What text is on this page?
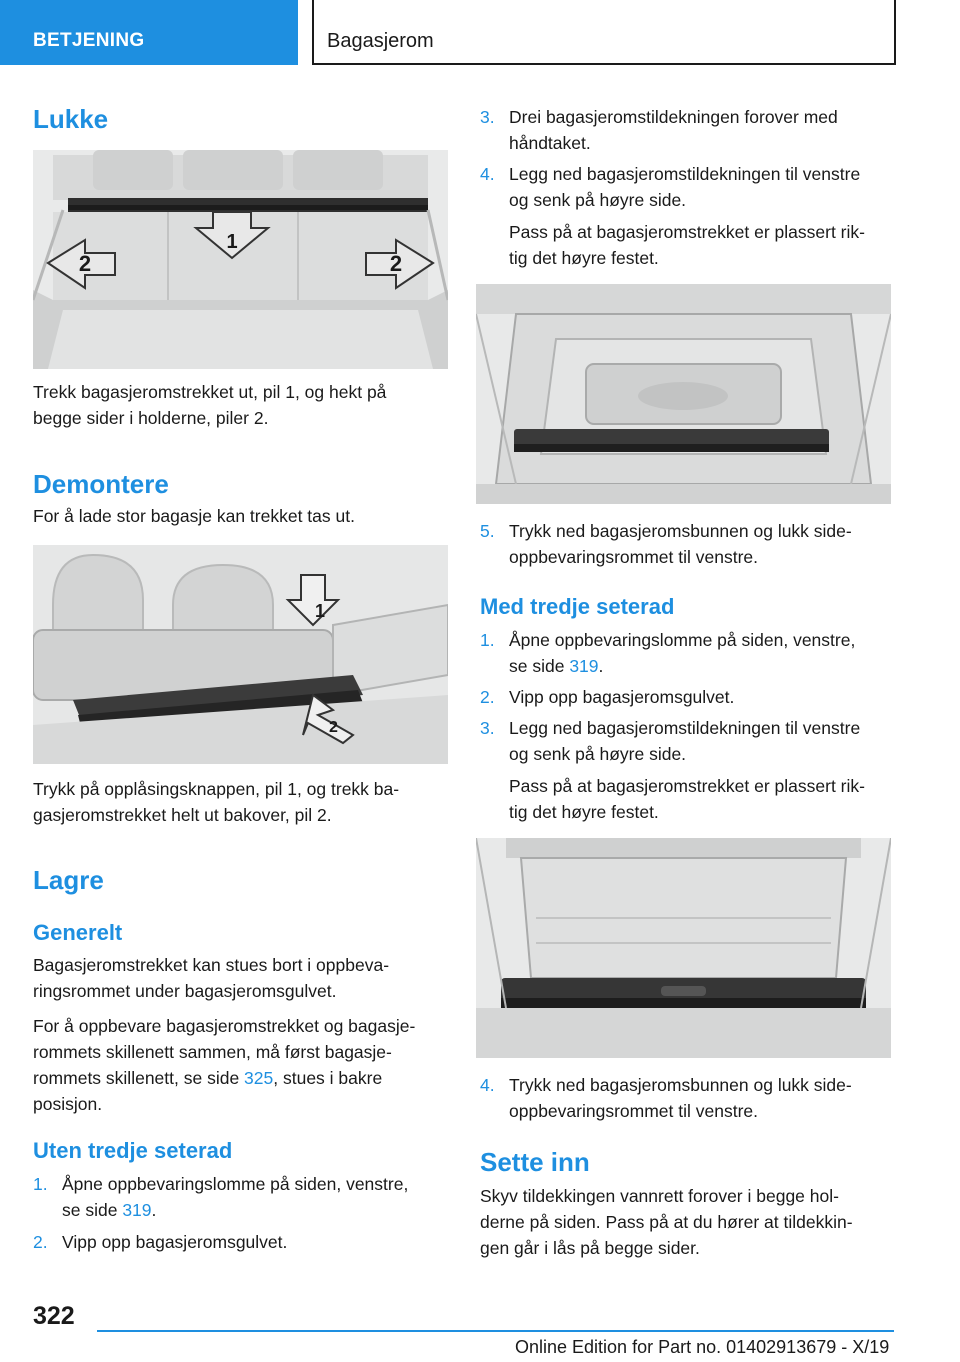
BETJENING	Bagasjerom
Lukke
1
2	2
Trekk bagasjeromstrekket ut, pil 1, og hekt på
begge sider i holderne, piler 2.
Demontere
For å lade stor bagasje kan trekket tas ut.
1
2
Trykk på opplåsingsknappen, pil 1, og trekk ba-
gasjeromstrekket helt ut bakover, pil 2.
Lagre
Generelt
Bagasjeromstrekket kan stues bort i oppbeva-
ringsrommet under bagasjeromsgulvet.
For å oppbevare bagasjeromstrekket og bagasje-
rommets skillenett sammen, må først bagasje-
rommets skillenett, se side 325, stues i bakre
posisjon.
Uten tredje seterad
1. Åpne oppbevaringslomme på siden, venstre,
se side 319.
2. Vipp opp bagasjeromsgulvet.
3. Drei bagasjeromstildekningen forover med
håndtaket.
4. Legg ned bagasjeromstildekningen til venstre
og senk på høyre side.
Pass på at bagasjeromstrekket er plassert rik-
tig det høyre festet.
5. Trykk ned bagasjeromsbunnen og lukk side-
oppbevaringsrommet til venstre.
Med tredje seterad
1. Åpne oppbevaringslomme på siden, venstre,
se side 319.
2. Vipp opp bagasjeromsgulvet.
3. Legg ned bagasjeromstildekningen til venstre
og senk på høyre side.
Pass på at bagasjeromstrekket er plassert rik-
tig det høyre festet.
4. Trykk ned bagasjeromsbunnen og lukk side-
oppbevaringsrommet til venstre.
Sette inn
Skyv tildekkingen vannrett forover i begge hol-
derne på siden. Pass på at du hører at tildekkin-
gen går i lås på begge sider.
322
Online Edition for Part no. 01402913679 - X/19
